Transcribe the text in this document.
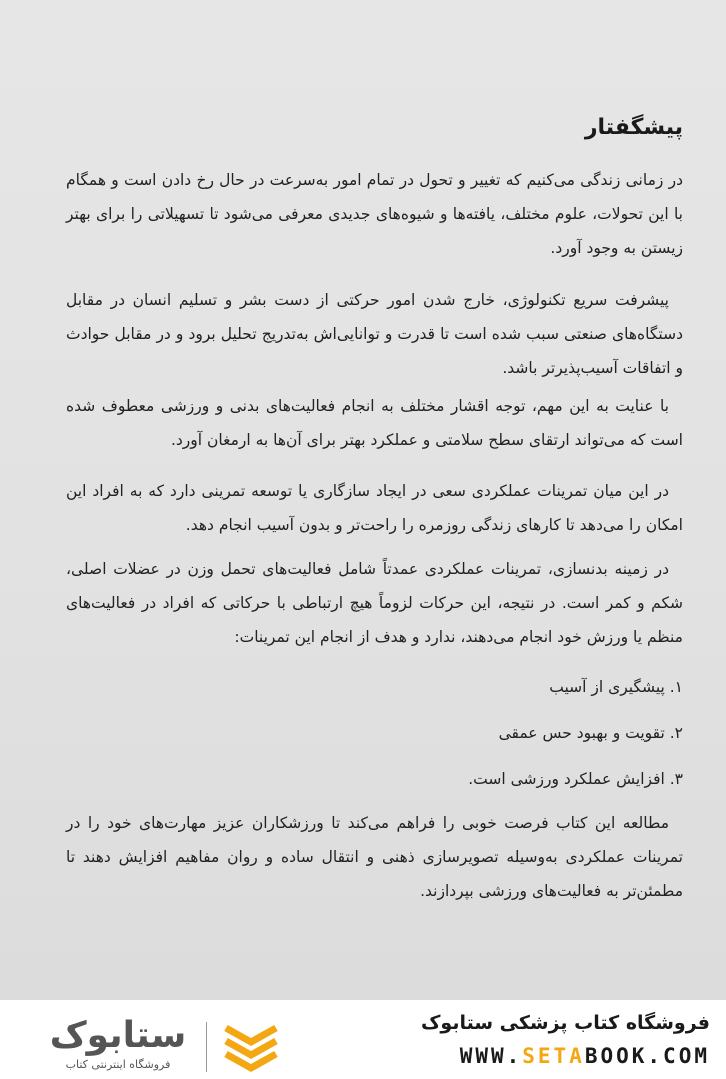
پیشگفتار

در زمانی زندگی می‌کنیم که تغییر و تحول در تمام امور به‌سرعت در حال رخ دادن است و همگام با این تحولات، علوم مختلف، یافته‌ها و شیوه‌های جدیدی معرفی می‌شود تا تسهیلاتی را برای بهتر زیستن به وجود آورد.

پیشرفت سریع تکنولوژی، خارج شدن امور حرکتی از دست بشر و تسلیم انسان در مقابل دستگاه‌های صنعتی سبب شده است تا قدرت و توانایی‌اش به‌تدریج تحلیل برود و در مقابل حوادث و اتفاقات آسیب‌پذیرتر باشد.

با عنایت به این مهم، توجه اقشار مختلف به انجام فعالیت‌های بدنی و ورزشی معطوف شده است که می‌تواند ارتقای سطح سلامتی و عملکرد بهتر برای آن‌ها به ارمغان آورد.

در این میان تمرینات عملکردی سعی در ایجاد سازگاری یا توسعه تمرینی دارد که به افراد این امکان را می‌دهد تا کارهای زندگی روزمره را راحت‌تر و بدون آسیب انجام دهد.

در زمینه بدنسازی، تمرینات عملکردی عمدتاً شامل فعالیت‌های تحمل وزن در عضلات اصلی، شکم و کمر است. در نتیجه، این حرکات لزوماً هیچ ارتباطی با حرکاتی که افراد در فعالیت‌های منظم یا ورزش خود انجام می‌دهند، ندارد و هدف از انجام این تمرینات:

۱. پیشگیری از آسیب

۲. تقویت و بهبود حس عمقی

۳. افزایش عملکرد ورزشی است.

مطالعه این کتاب فرصت خوبی را فراهم می‌کند تا ورزشکاران عزیز مهارت‌های خود را در تمرینات عملکردی به‌وسیله تصویرسازی ذهنی و انتقال ساده و روان مفاهیم افزایش دهند تا مطمئن‌تر به فعالیت‌های ورزشی بپردازند.

ستابوک
فروشگاه اینترنتی کتاب
فروشگاه کتاب پزشکی ستابوک
WWW.SETABOOK.COM
